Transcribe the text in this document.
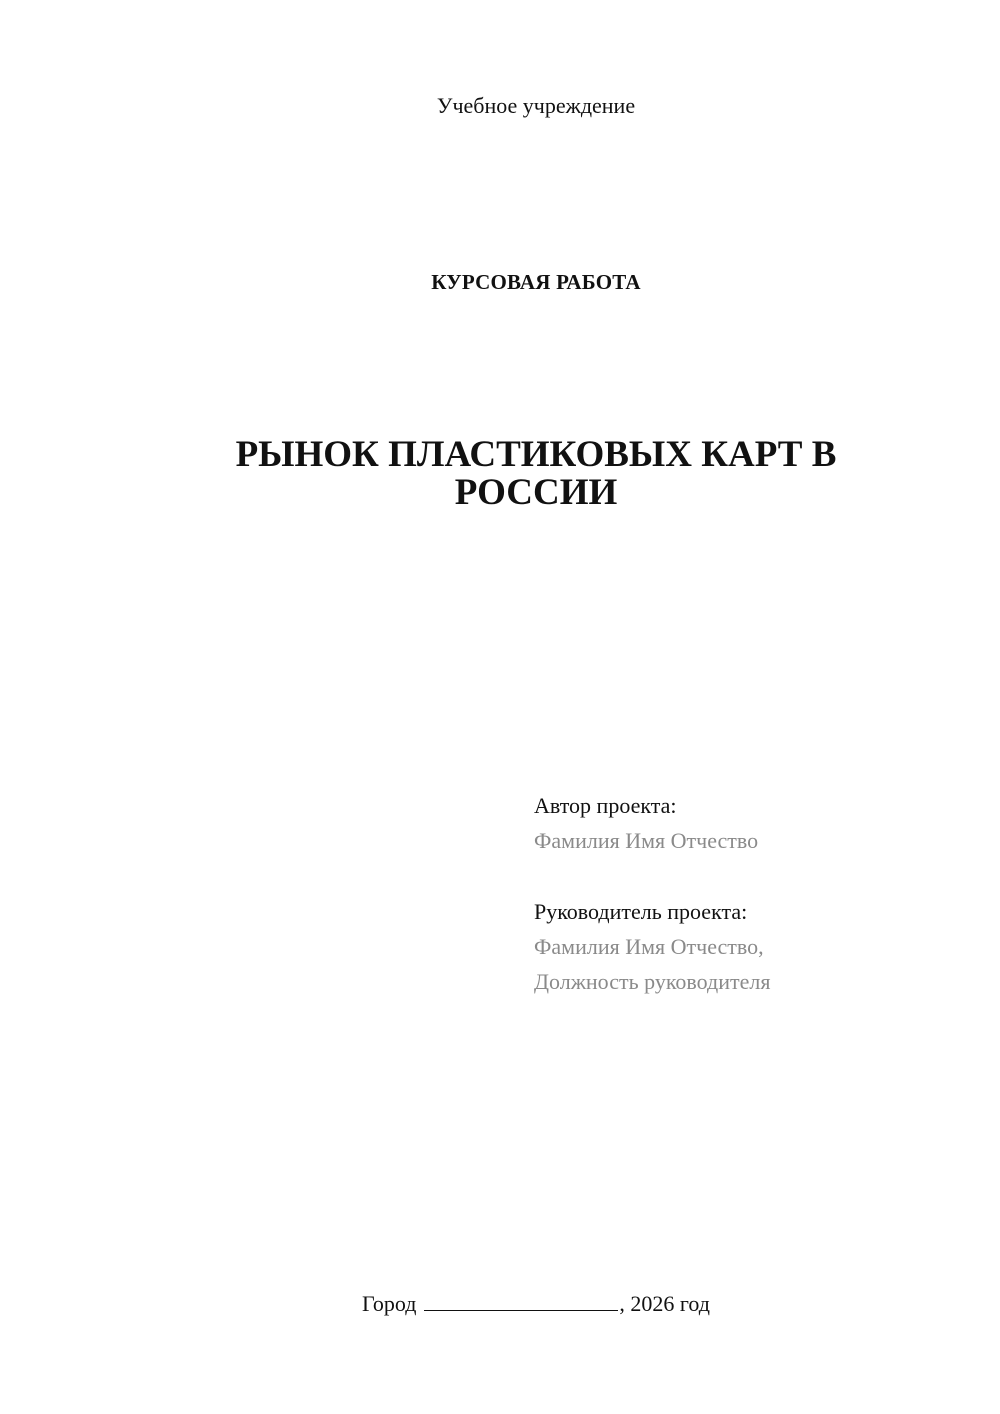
Учебное учреждение
КУРСОВАЯ РАБОТА
РЫНОК ПЛАСТИКОВЫХ КАРТ В
РОССИИ
Автор проекта:
Фамилия Имя Отчество
Руководитель проекта:
Фамилия Имя Отчество,
Должность руководителя
Город	, 2026 год
